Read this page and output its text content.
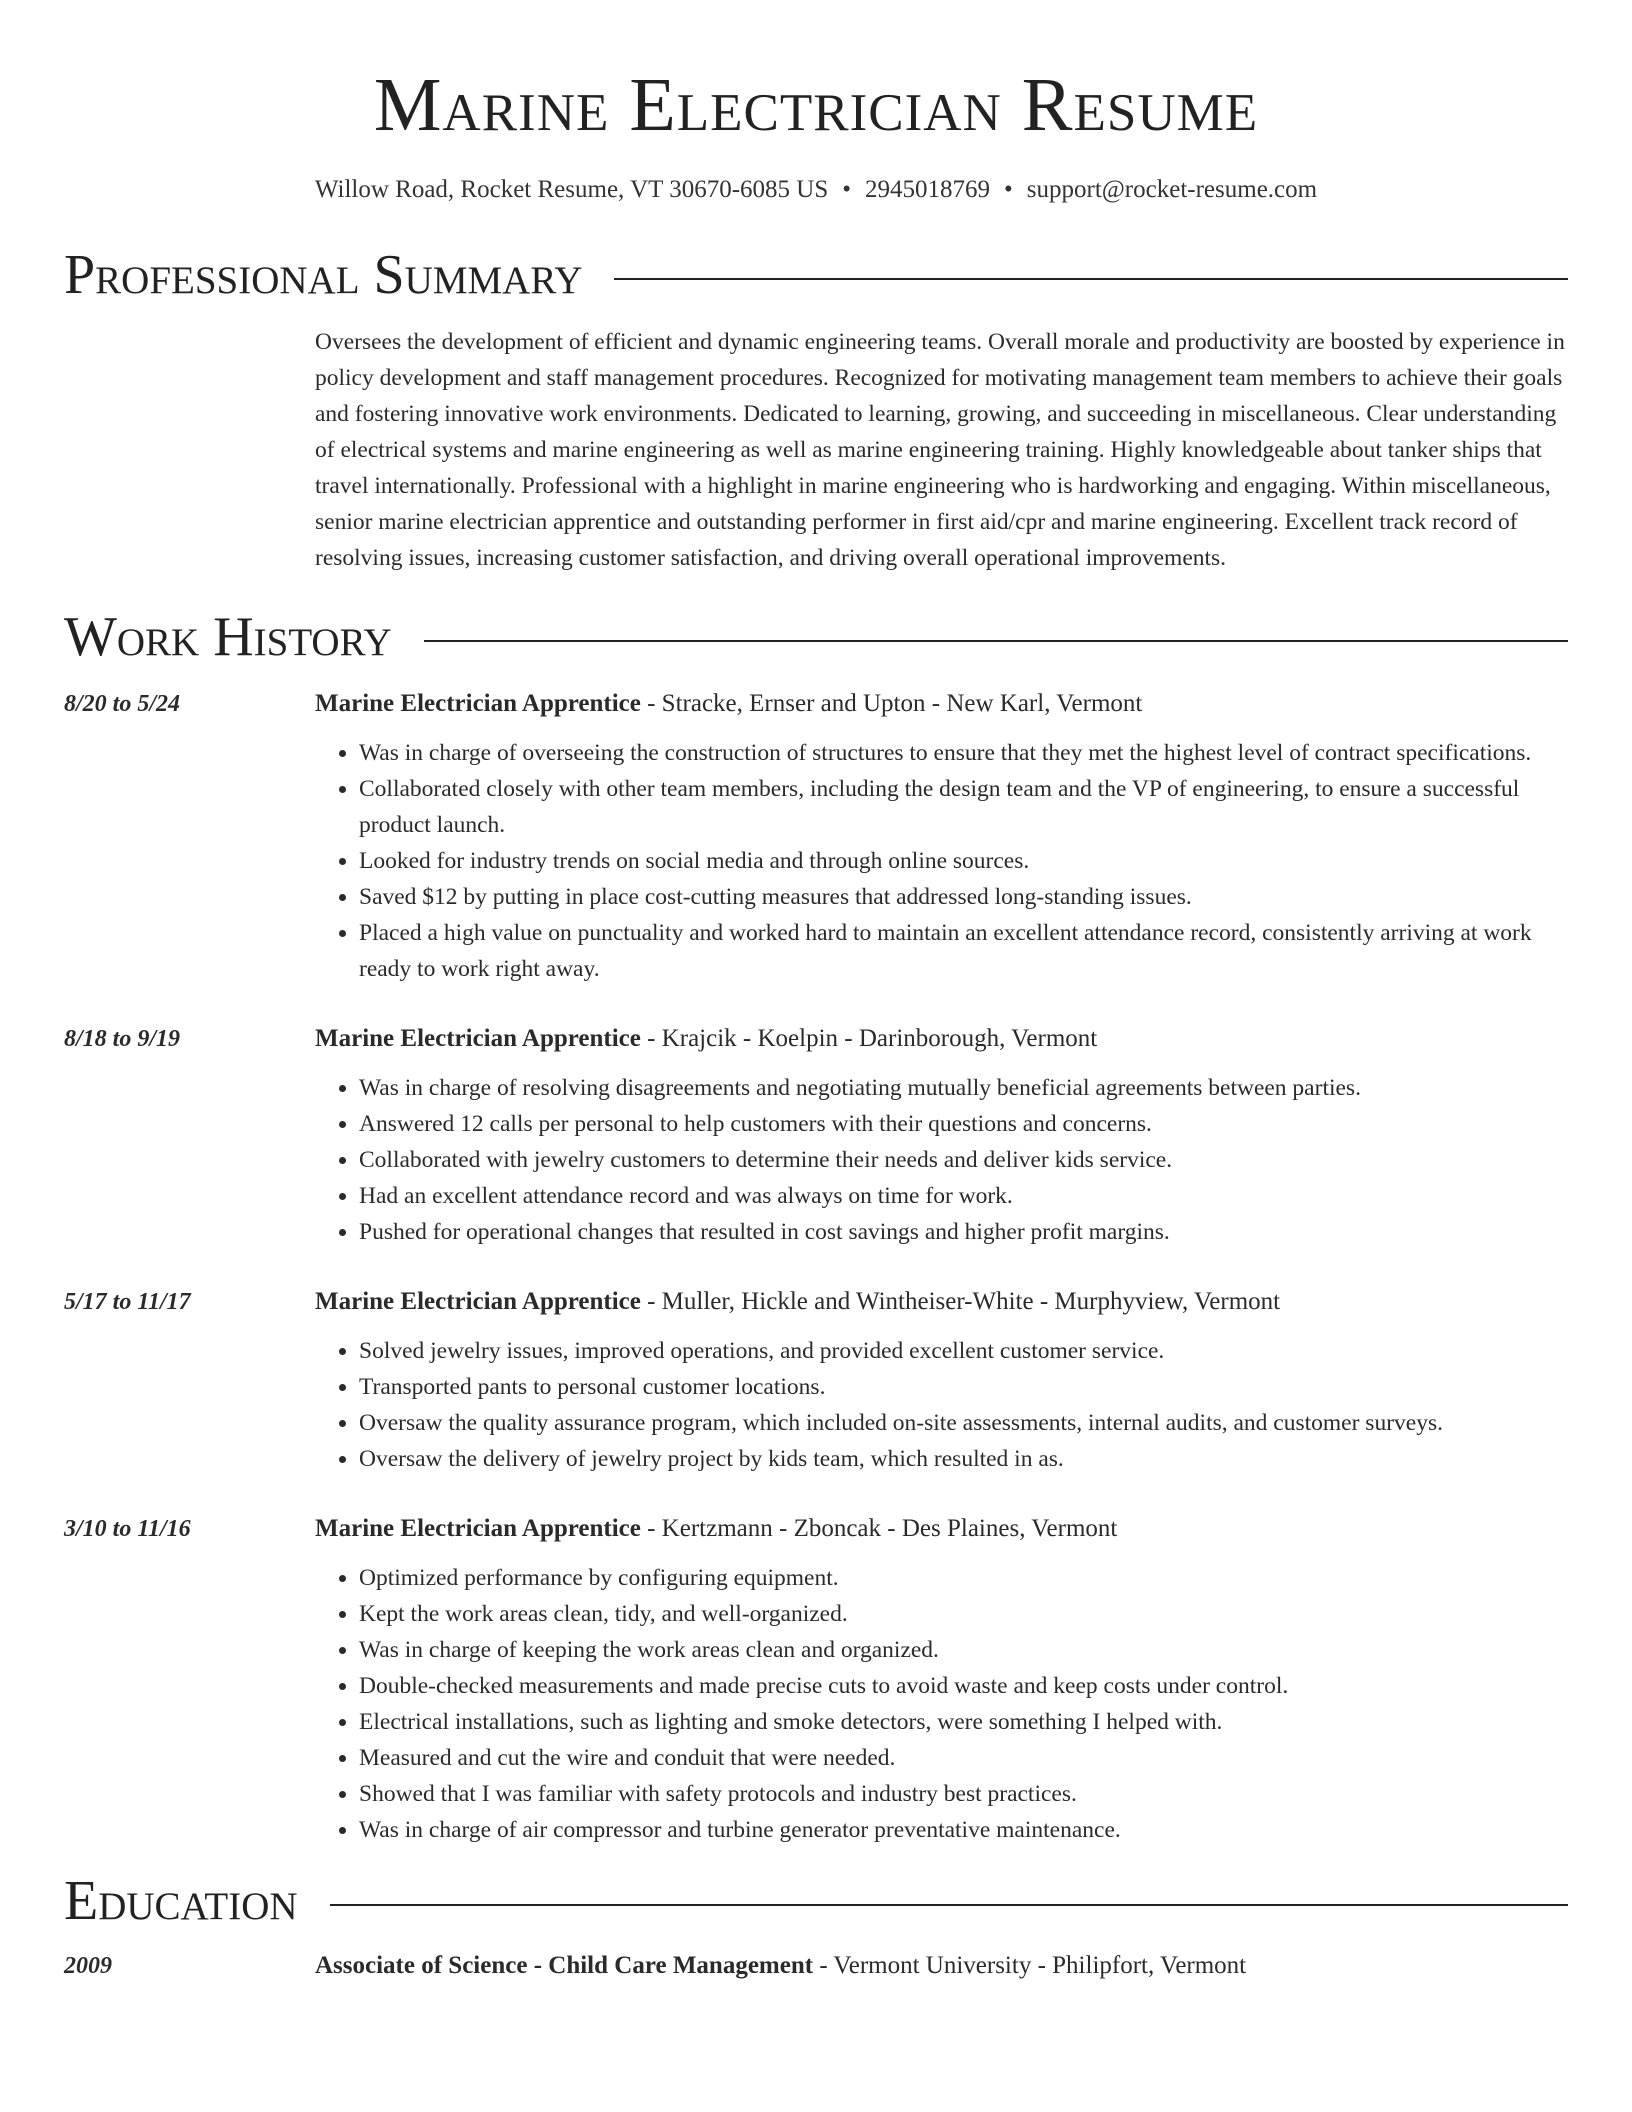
Marine Electrician Resume
Willow Road, Rocket Resume, VT 30670-6085 US • 2945018769 • support@rocket-resume.com
Professional Summary
Oversees the development of efficient and dynamic engineering teams. Overall morale and productivity are boosted by experience in policy development and staff management procedures. Recognized for motivating management team members to achieve their goals and fostering innovative work environments. Dedicated to learning, growing, and succeeding in miscellaneous. Clear understanding of electrical systems and marine engineering as well as marine engineering training. Highly knowledgeable about tanker ships that travel internationally. Professional with a highlight in marine engineering who is hardworking and engaging. Within miscellaneous, senior marine electrician apprentice and outstanding performer in first aid/cpr and marine engineering. Excellent track record of resolving issues, increasing customer satisfaction, and driving overall operational improvements.
Work History
8/20 to 5/24	Marine Electrician Apprentice - Stracke, Ernser and Upton - New Karl, Vermont
• Was in charge of overseeing the construction of structures to ensure that they met the highest level of contract specifications.
• Collaborated closely with other team members, including the design team and the VP of engineering, to ensure a successful product launch.
• Looked for industry trends on social media and through online sources.
• Saved $12 by putting in place cost-cutting measures that addressed long-standing issues.
• Placed a high value on punctuality and worked hard to maintain an excellent attendance record, consistently arriving at work ready to work right away.
8/18 to 9/19	Marine Electrician Apprentice - Krajcik - Koelpin - Darinborough, Vermont
• Was in charge of resolving disagreements and negotiating mutually beneficial agreements between parties.
• Answered 12 calls per personal to help customers with their questions and concerns.
• Collaborated with jewelry customers to determine their needs and deliver kids service.
• Had an excellent attendance record and was always on time for work.
• Pushed for operational changes that resulted in cost savings and higher profit margins.
5/17 to 11/17	Marine Electrician Apprentice - Muller, Hickle and Wintheiser-White - Murphyview, Vermont
• Solved jewelry issues, improved operations, and provided excellent customer service.
• Transported pants to personal customer locations.
• Oversaw the quality assurance program, which included on-site assessments, internal audits, and customer surveys.
• Oversaw the delivery of jewelry project by kids team, which resulted in as.
3/10 to 11/16	Marine Electrician Apprentice - Kertzmann - Zboncak - Des Plaines, Vermont
• Optimized performance by configuring equipment.
• Kept the work areas clean, tidy, and well-organized.
• Was in charge of keeping the work areas clean and organized.
• Double-checked measurements and made precise cuts to avoid waste and keep costs under control.
• Electrical installations, such as lighting and smoke detectors, were something I helped with.
• Measured and cut the wire and conduit that were needed.
• Showed that I was familiar with safety protocols and industry best practices.
• Was in charge of air compressor and turbine generator preventative maintenance.
Education
2009	Associate of Science - Child Care Management - Vermont University - Philipfort, Vermont
